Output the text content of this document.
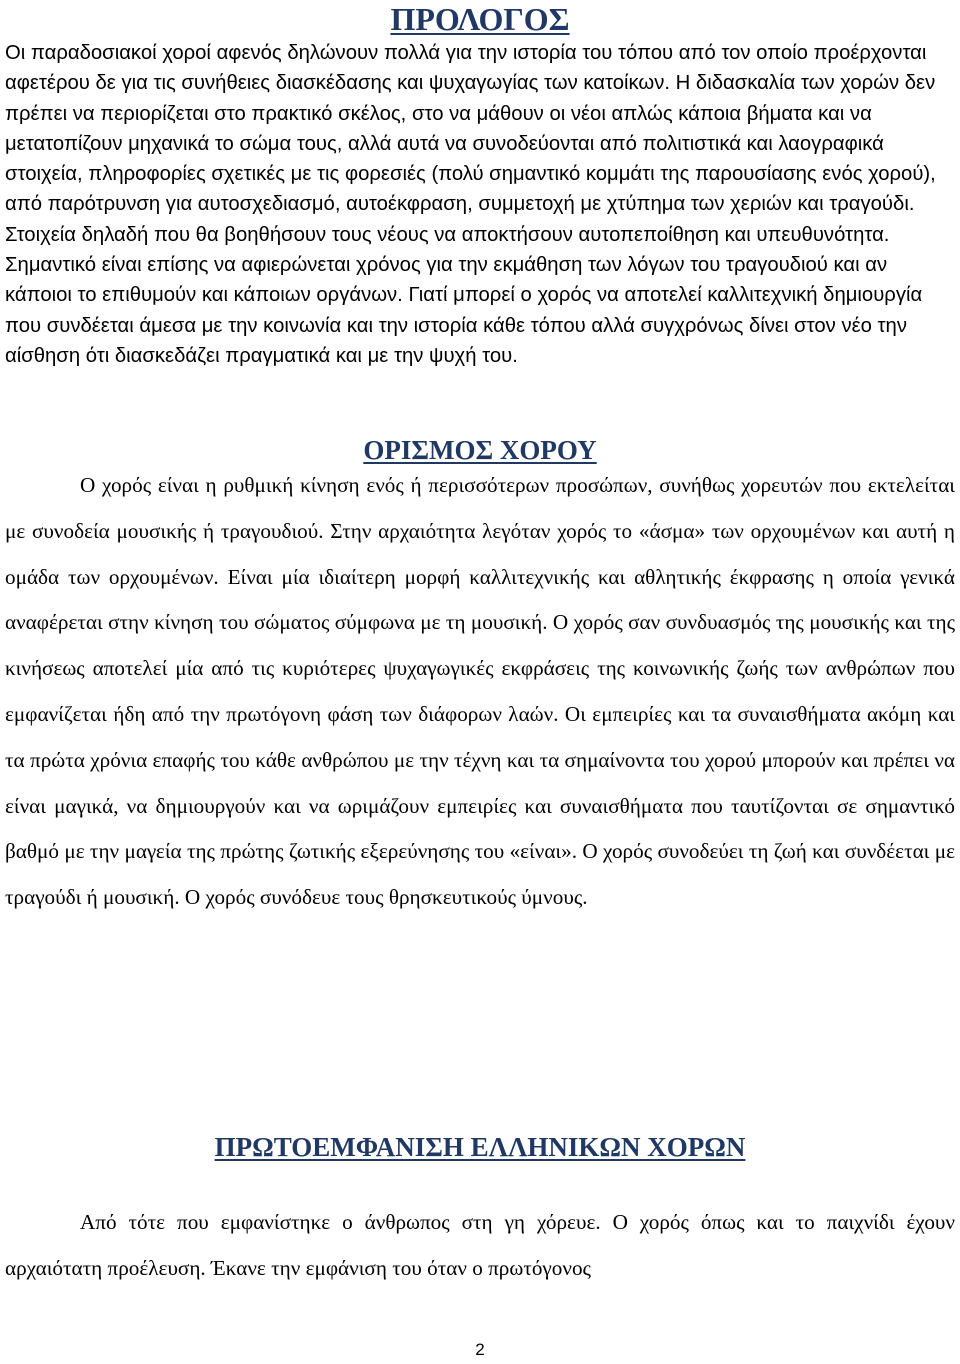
ΠΡΟΛΟΓΟΣ

Οι παραδοσιακοί χοροί αφενός δηλώνουν πολλά για την ιστορία του τόπου από τον οποίο προέρχονται αφετέρου δε για τις συνήθειες διασκέδασης και ψυχαγωγίας των κατοίκων. Η διδασκαλία των χορών δεν πρέπει να περιορίζεται στο πρακτικό σκέλος, στο να μάθουν οι νέοι απλώς κάποια βήματα και να μετατοπίζουν μηχανικά το σώμα τους, αλλά αυτά να συνοδεύονται από πολιτιστικά και λαογραφικά στοιχεία, πληροφορίες σχετικές με τις φορεσιές (πολύ σημαντικό κομμάτι της παρουσίασης ενός χορού), από παρότρυνση για αυτοσχεδιασμό, αυτοέκφραση, συμμετοχή με χτύπημα των χεριών και τραγούδι. Στοιχεία δηλαδή που θα βοηθήσουν τους νέους να αποκτήσουν αυτοπεποίθηση και υπευθυνότητα. Σημαντικό είναι επίσης να αφιερώνεται χρόνος για την εκμάθηση των λόγων του τραγουδιού και αν κάποιοι το επιθυμούν και κάποιων οργάνων. Γιατί μπορεί ο χορός να αποτελεί καλλιτεχνική δημιουργία που συνδέεται άμεσα με την κοινωνία και την ιστορία κάθε τόπου αλλά συγχρόνως δίνει στον νέο την αίσθηση ότι διασκεδάζει πραγματικά και με την ψυχή του.

ΟΡΙΣΜΟΣ ΧΟΡΟΥ

Ο χορός είναι η ρυθμική κίνηση ενός ή περισσότερων προσώπων, συνήθως χορευτών που εκτελείται με συνοδεία μουσικής ή τραγουδιού. Στην αρχαιότητα λεγόταν χορός το «άσμα» των ορχουμένων και αυτή η ομάδα των ορχουμένων. Είναι μία ιδιαίτερη μορφή καλλιτεχνικής και αθλητικής έκφρασης η οποία γενικά αναφέρεται στην κίνηση του σώματος σύμφωνα με τη μουσική. Ο χορός σαν συνδυασμός της μουσικής και της κινήσεως αποτελεί μία από τις κυριότερες ψυχαγωγικές εκφράσεις της κοινωνικής ζωής των ανθρώπων που εμφανίζεται ήδη από την πρωτόγονη φάση των διάφορων λαών. Οι εμπειρίες και τα συναισθήματα ακόμη και τα πρώτα χρόνια επαφής του κάθε ανθρώπου με την τέχνη και τα σημαίνοντα του χορού μπορούν και πρέπει να είναι μαγικά, να δημιουργούν και να ωριμάζουν εμπειρίες και συναισθήματα που ταυτίζονται σε σημαντικό βαθμό με την μαγεία της πρώτης ζωτικής εξερεύνησης του «είναι». Ο χορός συνοδεύει τη ζωή και συνδέεται με τραγούδι ή μουσική. Ο χορός συνόδευε τους θρησκευτικούς ύμνους.

ΠΡΩΤΟΕΜΦΑΝΙΣΗ ΕΛΛΗΝΙΚΩΝ ΧΟΡΩΝ

Από τότε που εμφανίστηκε ο άνθρωπος στη γη χόρευε. Ο χορός όπως και το παιχνίδι έχουν αρχαιότατη προέλευση. Έκανε την εμφάνιση του όταν ο πρωτόγονος

2
